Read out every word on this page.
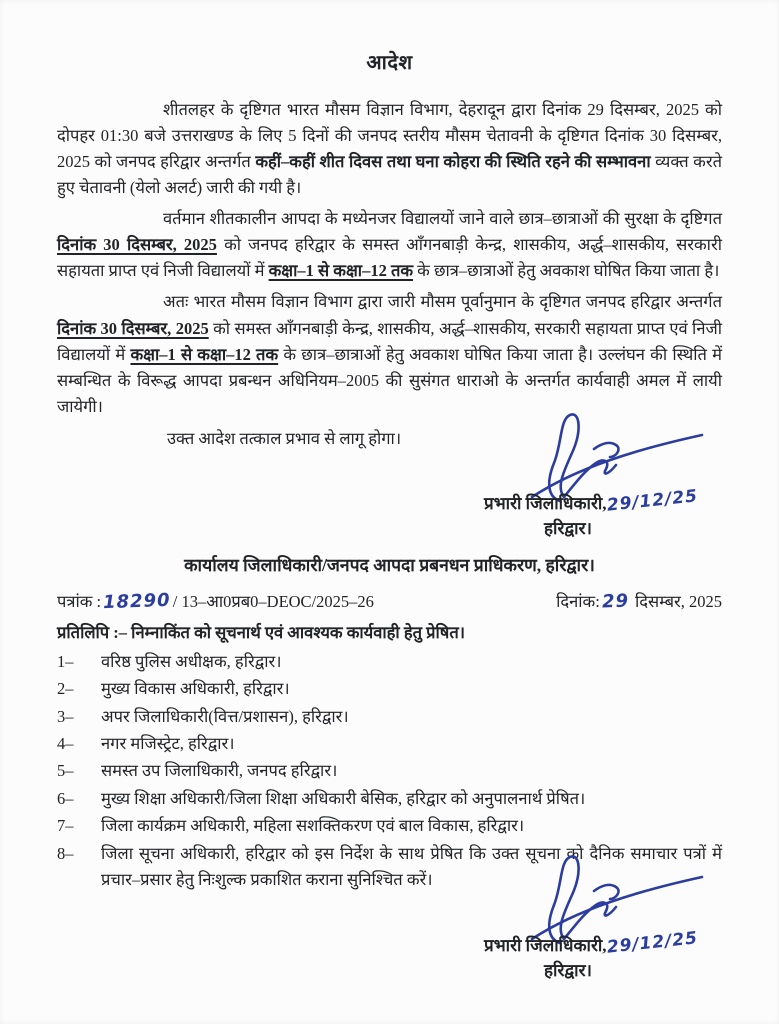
आदेश

शीतलहर के दृष्टिगत भारत मौसम विज्ञान विभाग, देहरादून द्वारा दिनांक 29 दिसम्बर, 2025 को दोपहर 01:30 बजे उत्तराखण्ड के लिए 5 दिनों की जनपद स्तरीय मौसम चेतावनी के दृष्टिगत दिनांक 30 दिसम्बर, 2025 को जनपद हरिद्वार अन्तर्गत कहीं–कहीं शीत दिवस तथा घना कोहरा की स्थिति रहने की सम्भावना व्यक्त करते हुए चेतावनी (येलो अलर्ट) जारी की गयी है।

वर्तमान शीतकालीन आपदा के मध्येनजर विद्यालयों जाने वाले छात्र–छात्राओं की सुरक्षा के दृष्टिगत दिनांक 30 दिसम्बर, 2025 को जनपद हरिद्वार के समस्त ऑंगनबाड़ी केन्द्र, शासकीय, अर्द्ध–शासकीय, सरकारी सहायता प्राप्त एवं निजी विद्यालयों में कक्षा–1 से कक्षा–12 तक के छात्र–छात्राओं हेतु अवकाश घोषित किया जाता है।

अतः भारत मौसम विज्ञान विभाग द्वारा जारी मौसम पूर्वानुमान के दृष्टिगत जनपद हरिद्वार अन्तर्गत दिनांक 30 दिसम्बर, 2025 को समस्त ऑंगनबाड़ी केन्द्र, शासकीय, अर्द्ध–शासकीय, सरकारी सहायता प्राप्त एवं निजी विद्यालयों में कक्षा–1 से कक्षा–12 तक के छात्र–छात्राओं हेतु अवकाश घोषित किया जाता है। उल्लंघन की स्थिति में सम्बन्धित के विरूद्ध आपदा प्रबन्धन अधिनियम–2005 की सुसंगत धाराओ के अन्तर्गत कार्यवाही अमल में लायी जायेगी।

उक्त आदेश तत्काल प्रभाव से लागू होगा।

प्रभारी जिलाधिकारी,29/12/25
हरिद्वार।
कार्यालय जिलाधिकारी/जनपद आपदा प्रबनधन प्राधिकरण, हरिद्वार।
पत्रांक :18290 / 13–आ0प्रब0–DEOC/2025–26	दिनांक:29 दिसम्बर, 2025
प्रतिलिपि :– निम्नाकिंत को सूचनार्थ एवं आवश्यक कार्यवाही हेतु प्रेषित।
1–	वरिष्ठ पुलिस अधीक्षक, हरिद्वार।
2–	मुख्य विकास अधिकारी, हरिद्वार।
3–	अपर जिलाधिकारी(वित्त/प्रशासन), हरिद्वार।
4–	नगर मजिस्ट्रेट, हरिद्वार।
5–	समस्त उप जिलाधिकारी, जनपद हरिद्वार।
6–	मुख्य शिक्षा अधिकारी/जिला शिक्षा अधिकारी बेसिक, हरिद्वार को अनुपालनार्थ प्रेषित।
7–	जिला कार्यक्रम अधिकारी, महिला सशक्तिकरण एवं बाल विकास, हरिद्वार।
8–	जिला सूचना अधिकारी, हरिद्वार को इस निर्देश के साथ प्रेषित कि उक्त सूचना को दैनिक समाचार पत्रों में प्रचार–प्रसार हेतु निःशुल्क प्रकाशित कराना सुनिश्चित करें।
प्रभारी जिलाधिकारी,29/12/25
हरिद्वार।
